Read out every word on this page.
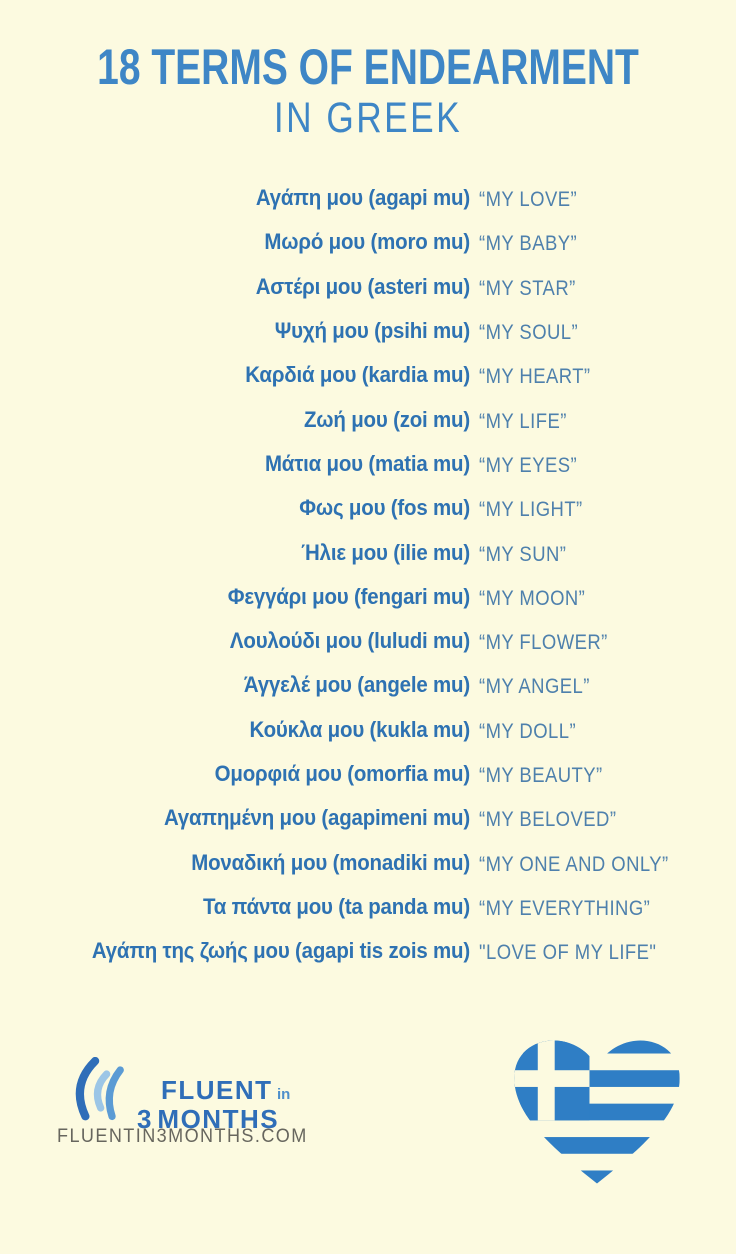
18 TERMS OF ENDEARMENT
IN GREEK
Αγάπη μου (agapi mu) “MY LOVE”
Μωρό μου (moro mu) “MY BABY”
Αστέρι μου (asteri mu) “MY STAR”
Ψυχή μου (psihi mu) “MY SOUL”
Καρδιά μου (kardia mu) “MY HEART”
Ζωή μου (zoi mu) “MY LIFE”
Μάτια μου (matia mu) “MY EYES”
Φως μου (fos mu) “MY LIGHT”
Ήλιε μου (ilie mu) “MY SUN”
Φεγγάρι μου (fengari mu) “MY MOON”
Λουλούδι μου (luludi mu) “MY FLOWER”
Άγγελέ μου (angele mu) “MY ANGEL”
Κούκλα μου (kukla mu) “MY DOLL”
Ομορφιά μου (omorfia mu) “MY BEAUTY”
Αγαπημένη μου (agapimeni mu) “MY BELOVED”
Μοναδική μου (monadiki mu) “MY ONE AND ONLY”
Τα πάντα μου (ta panda mu) “MY EVERYTHING”
Αγάπη της ζωής μου (agapi tis zois mu) "LOVE OF MY LIFE"
FLUENT in
3 MONTHS
FLUENTIN3MONTHS.COM
